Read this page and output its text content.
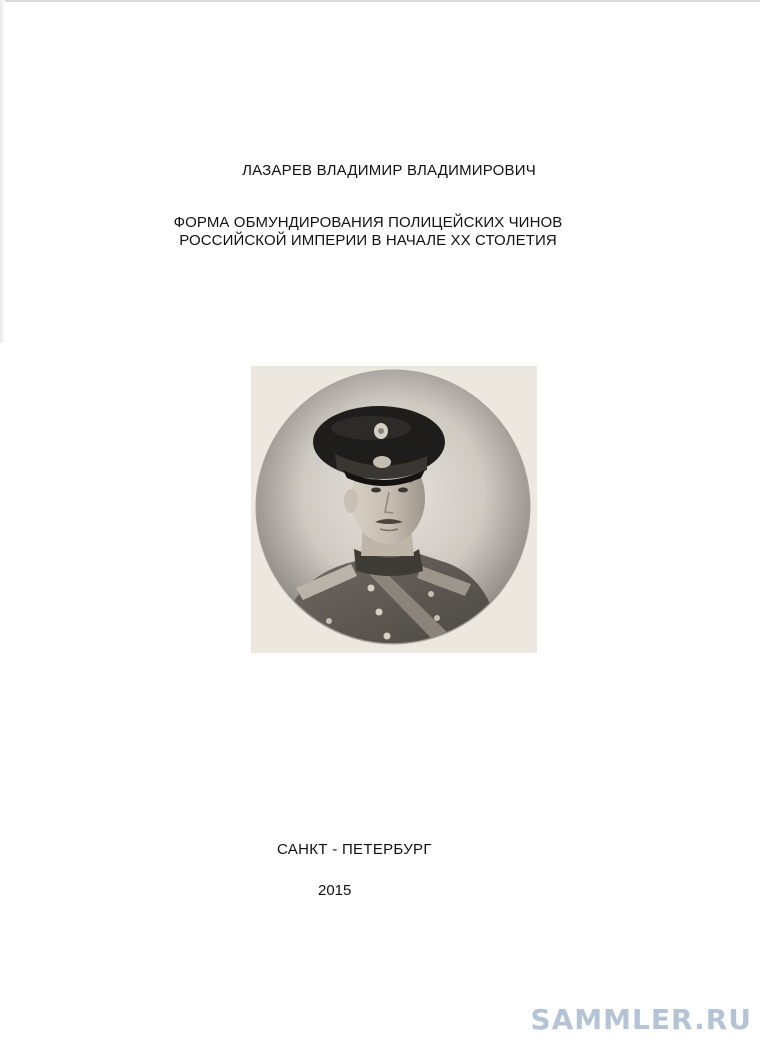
ЛАЗАРЕВ ВЛАДИМИР ВЛАДИМИРОВИЧ
ФОРМА ОБМУНДИРОВАНИЯ ПОЛИЦЕЙСКИХ ЧИНОВ
РОССИЙСКОЙ ИМПЕРИИ В НАЧАЛЕ XX СТОЛЕТИЯ
САНКТ - ПЕТЕРБУРГ
2015
SAMMLER.RU
